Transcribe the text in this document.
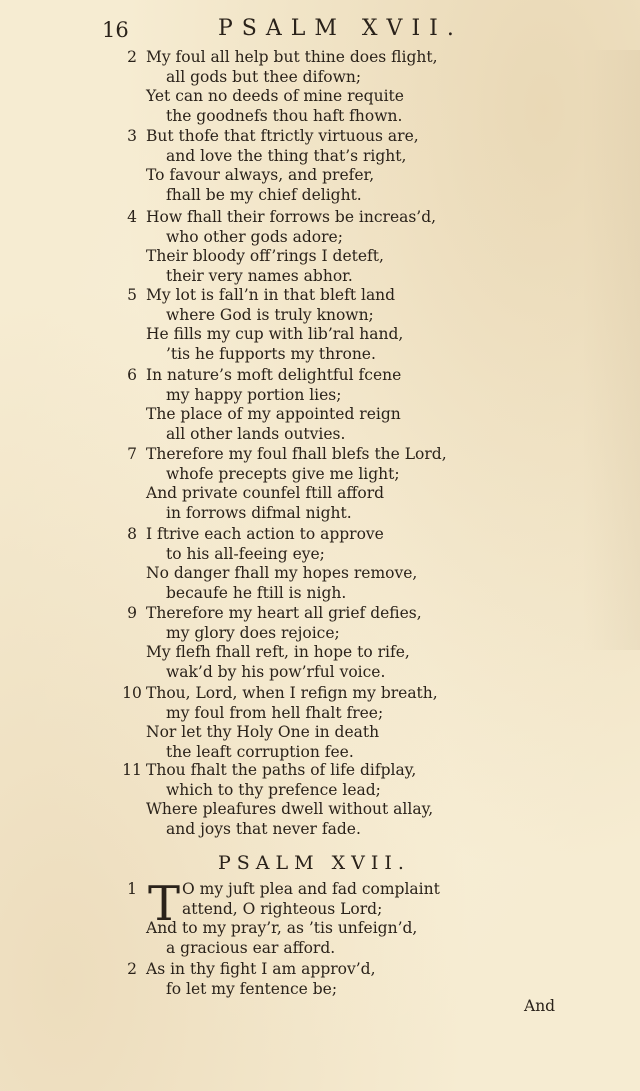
16	PSALM XVII.
2 My foul all help but thine does flight,
all gods but thee difown;
Yet can no deeds of mine requite
the goodnefs thou haft fhown.
3 But thofe that ftrictly virtuous are,
and love the thing that’s right,
To favour always, and prefer,
fhall be my chief delight.
4 How fhall their forrows be increas’d,
who other gods adore;
Their bloody off’rings I deteft,
their very names abhor.
5 My lot is fall’n in that bleft land
where God is truly known;
He fills my cup with lib’ral hand,
’tis he fupports my throne.
6 In nature’s moft delightful fcene
my happy portion lies;
The place of my appointed reign
all other lands outvies.
7 Therefore my foul fhall blefs the Lord,
whofe precepts give me light;
And private counfel ftill afford
in forrows difmal night.
8 I ftrive each action to approve
to his all-feeing eye;
No danger fhall my hopes remove,
becaufe he ftill is nigh.
9 Therefore my heart all grief defies,
my glory does rejoice;
My flefh fhall reft, in hope to rife,
wak’d by his pow’rful voice.
10 Thou, Lord, when I refign my breath,
my foul from hell fhalt free;
Nor let thy Holy One in death
the leaft corruption fee.
11 Thou fhalt the paths of life difplay,
which to thy prefence lead;
Where pleafures dwell without allay,
and joys that never fade.
PSALM XVII.
T
1	O my juft plea and fad complaint
attend, O righteous Lord;
And to my pray’r, as ’tis unfeign’d,
a gracious ear afford.
2 As in thy fight I am approv’d,
fo let my fentence be;
And
